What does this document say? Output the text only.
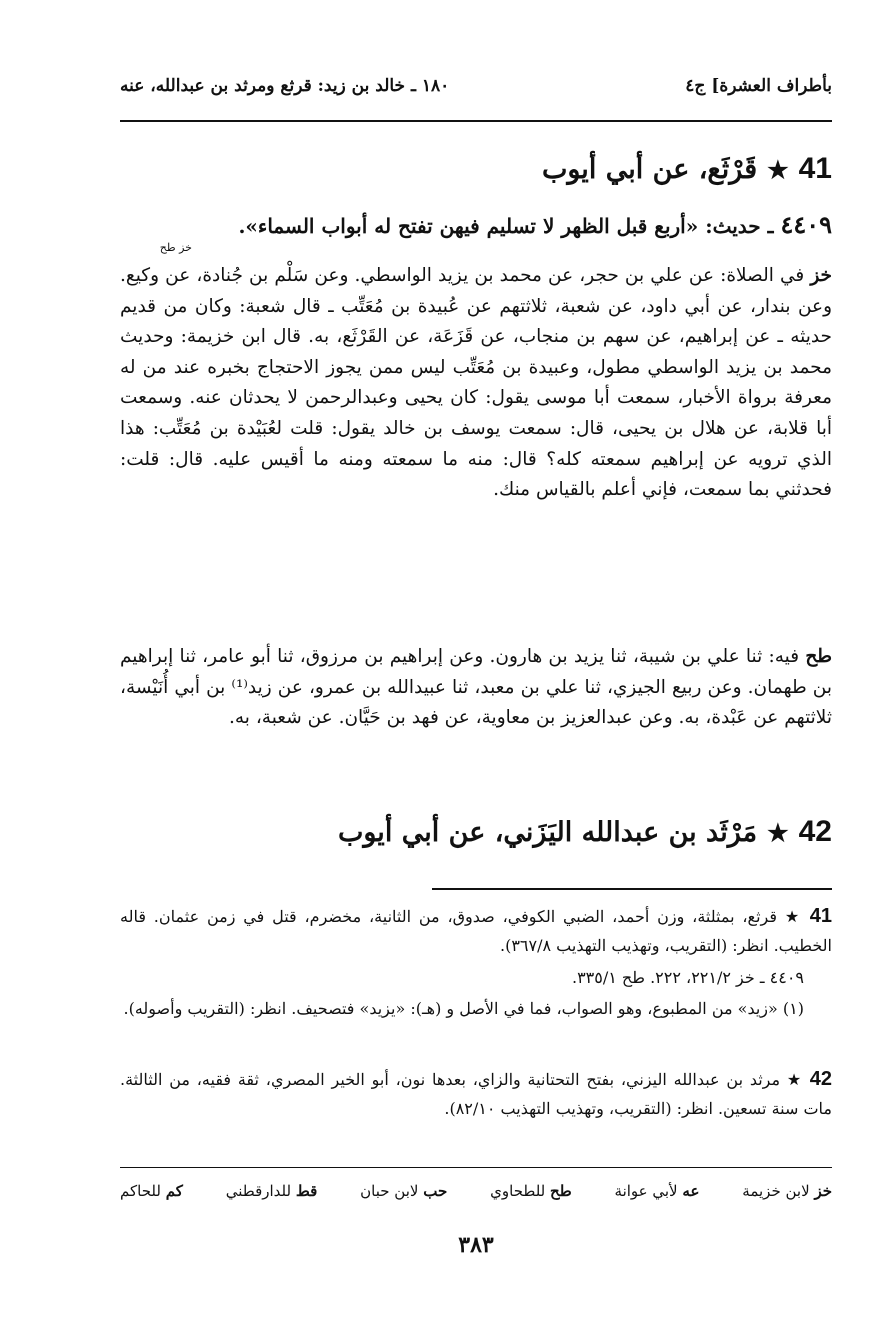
بأطراف العشرة] ج٤
١٨٠ ـ خالد بن زيد: قرثع ومرثد بن عبدالله، عنه
41
★
قَرْثَع، عن أبي أيوب
٤٤٠٩ ـ حديث: «أربع قبل الظهر لا تسليم فيهن تفتح له أبواب السماء».
خز طح
خز في الصلاة: عن علي بن حجر، عن محمد بن يزيد الواسطي. وعن سَلْم بن جُنادة، عن وكيع. وعن بندار، عن أبي داود، عن شعبة، ثلاثتهم عن عُبيدة بن مُعَتِّب ـ قال شعبة: وكان من قديم حديثه ـ عن إبراهيم، عن سهم بن منجاب، عن قَزَعَة، عن القَرْثَع، به. قال ابن خزيمة: وحديث محمد بن يزيد الواسطي مطول، وعبيدة بن مُعَتِّب ليس ممن يجوز الاحتجاج بخبره عند من له معرفة برواة الأخبار، سمعت أبا موسى يقول: كان يحيى وعبدالرحمن لا يحدثان عنه. وسمعت أبا قلابة، عن هلال بن يحيى، قال: سمعت يوسف بن خالد يقول: قلت لعُبَيْدة بن مُعَتِّب: هذا الذي ترويه عن إبراهيم سمعته كله؟ قال: منه ما سمعته ومنه ما أقيس عليه. قال: قلت: فحدثني بما سمعت، فإني أعلم بالقياس منك.
طح فيه: ثنا علي بن شيبة، ثنا يزيد بن هارون. وعن إبراهيم بن مرزوق، ثنا أبو عامر، ثنا إبراهيم بن طهمان. وعن ربيع الجيزي، ثنا علي بن معبد، ثنا عبيدالله بن عمرو، عن زيد⁽¹⁾ بن أبي أُنَيْسة، ثلاثتهم عن عَبْدة، به. وعن عبدالعزيز بن معاوية، عن فهد بن حَيَّان. عن شعبة، به.
42
★
مَرْثَد بن عبدالله اليَزَني، عن أبي أيوب
41 ★ قرثع، بمثلثة، وزن أحمد، الضبي الكوفي، صدوق، من الثانية، مخضرم، قتل في زمن عثمان. قاله الخطيب. انظر: (التقريب، وتهذيب التهذيب ٣٦٧/٨).
٤٤٠٩ ـ خز ٢٢١/٢، ٢٢٢. طح ٣٣٥/١.
(١) «زيد» من المطبوع، وهو الصواب، فما في الأصل و (هـ): «يزيد» فتصحيف. انظر: (التقريب وأصوله).
42 ★ مرثد بن عبدالله اليزني، بفتح التحتانية والزاي، بعدها نون، أبو الخير المصري، ثقة فقيه، من الثالثة. مات سنة تسعين. انظر: (التقريب، وتهذيب التهذيب ٨٢/١٠).
خز لابن خزيمة
عه لأبي عوانة
طح للطحاوي
حب لابن حبان
قط للدارقطني
كم للحاكم
٣٨٣
